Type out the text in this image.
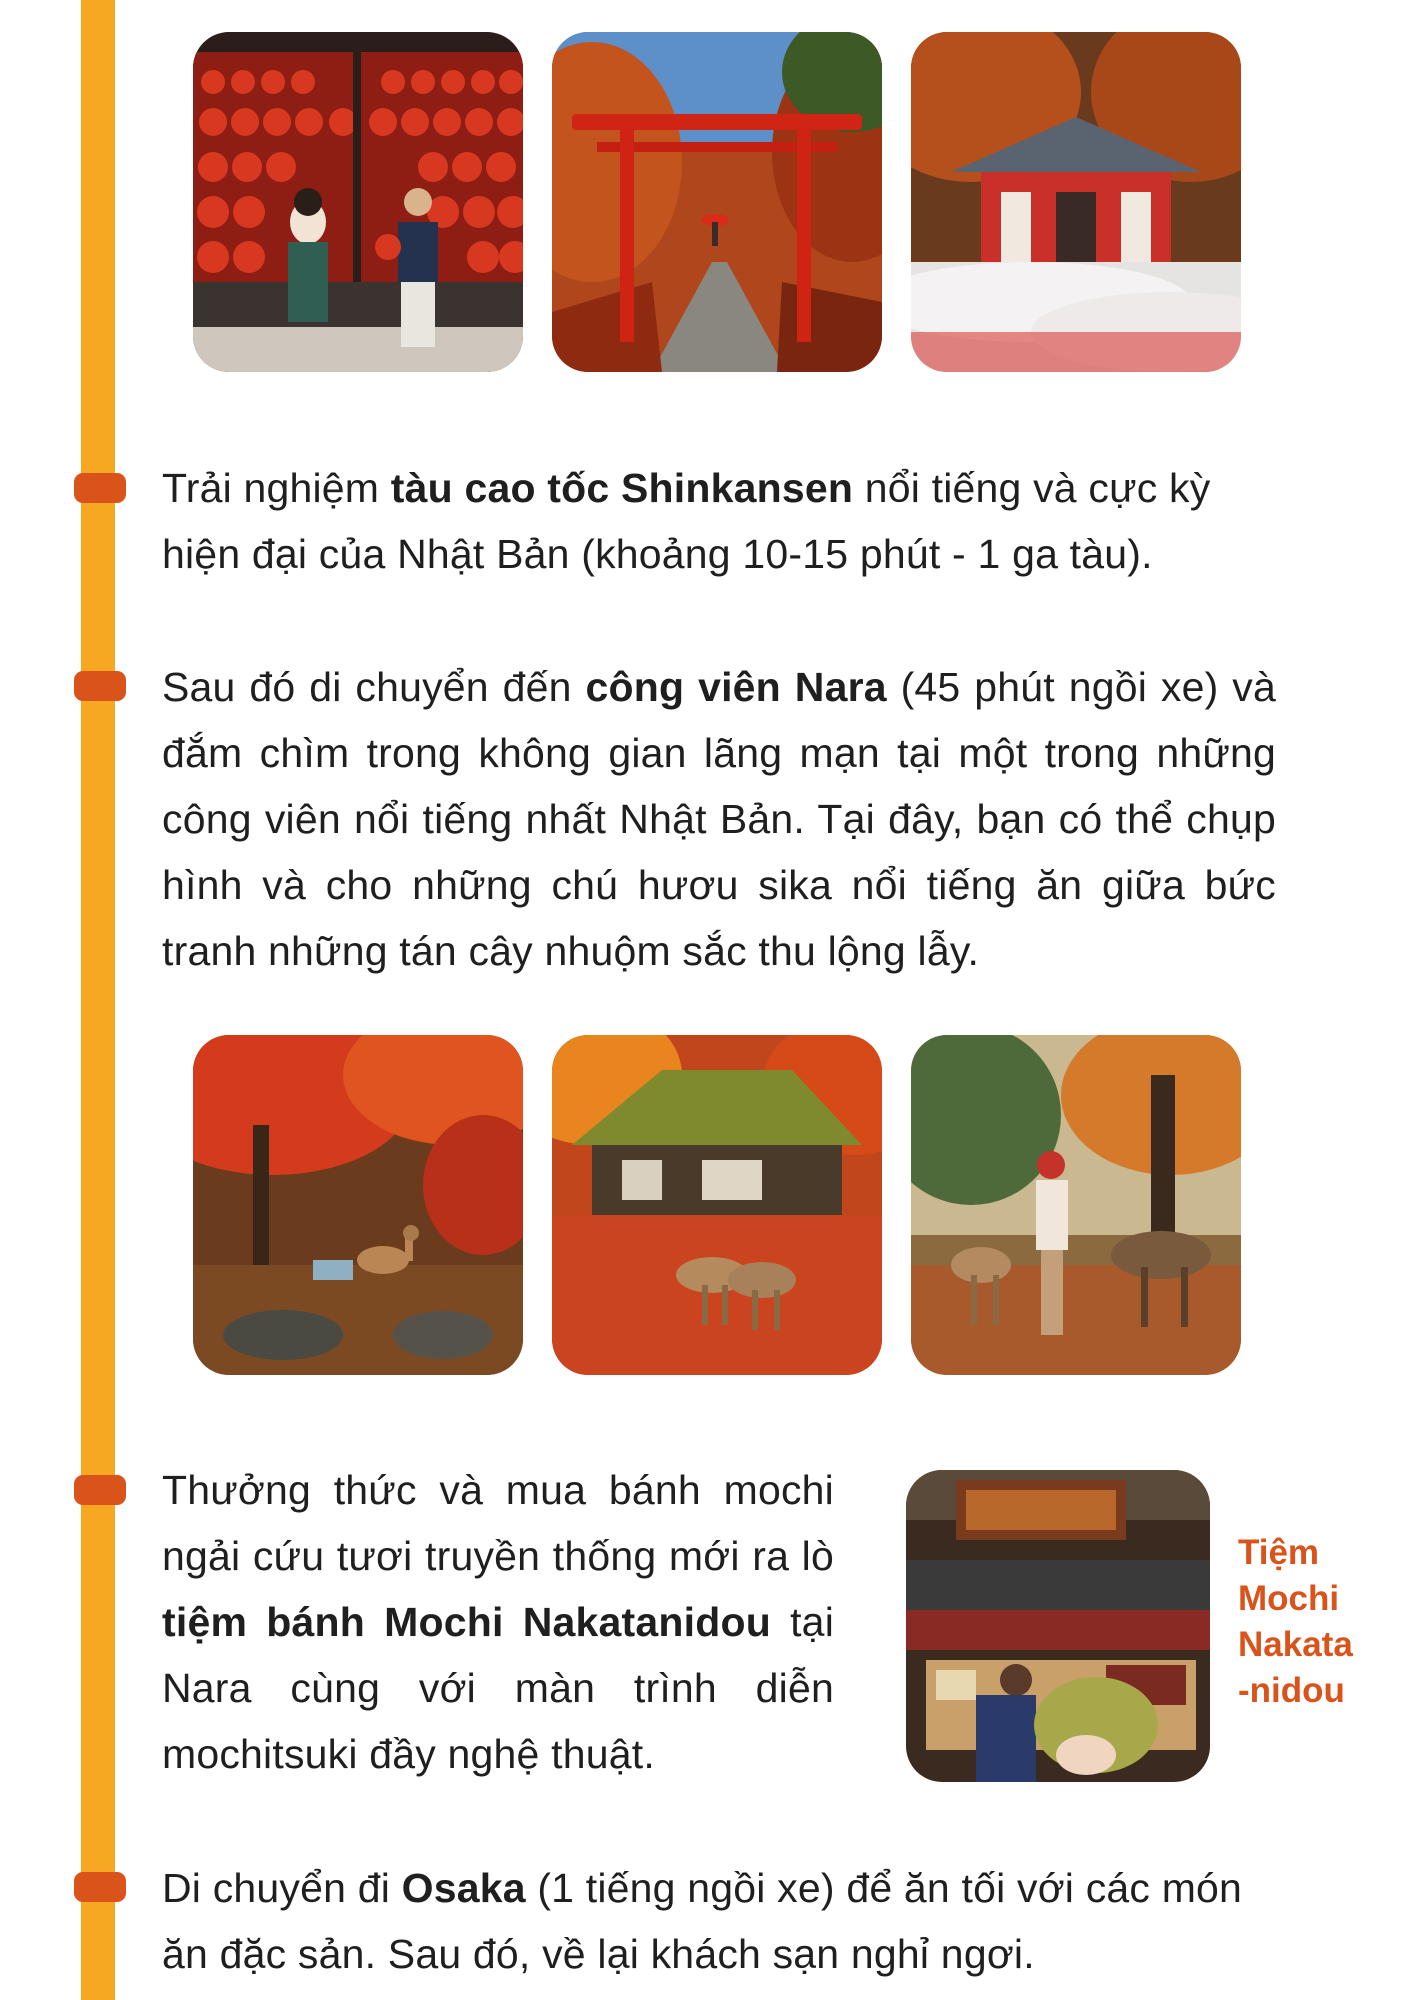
Trải nghiệm tàu cao tốc Shinkansen nổi tiếng và cực kỳ hiện đại của Nhật Bản (khoảng 10-15 phút - 1 ga tàu).

Sau đó di chuyển đến công viên Nara (45 phút ngồi xe) và đắm chìm trong không gian lãng mạn tại một trong những công viên nổi tiếng nhất Nhật Bản. Tại đây, bạn có thể chụp hình và cho những chú hươu sika nổi tiếng ăn giữa bức tranh những tán cây nhuộm sắc thu lộng lẫy.

Thưởng thức và mua bánh mochi ngải cứu tươi truyền thống mới ra lò tiệm bánh Mochi Nakatanidou tại Nara cùng với màn trình diễn mochitsuki đầy nghệ thuật.

Tiệm
Mochi
Nakata
-nidou

Di chuyển đi Osaka (1 tiếng ngồi xe) để ăn tối với các món ăn đặc sản. Sau đó, về lại khách sạn nghỉ ngơi.
